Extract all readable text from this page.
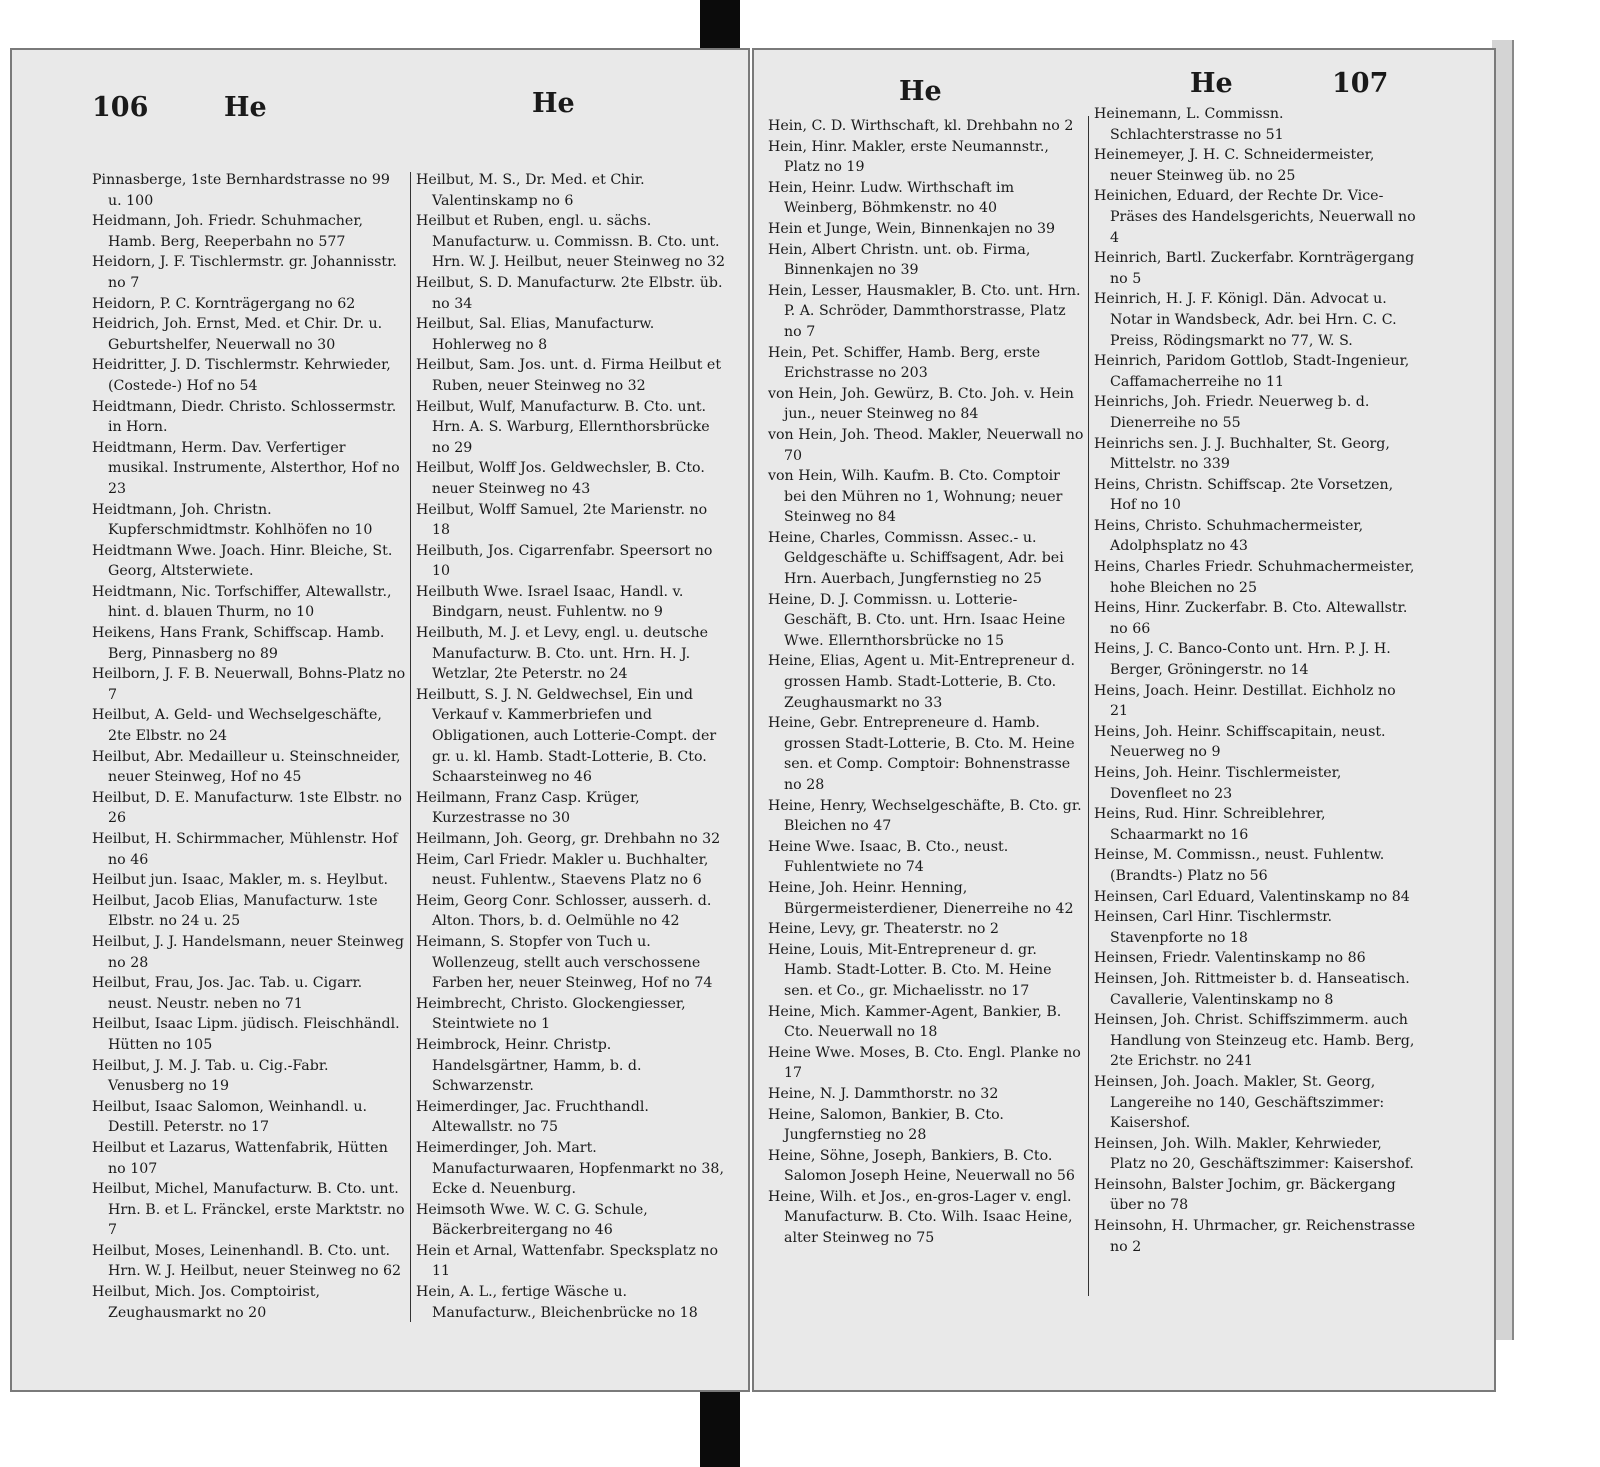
106	He	He
Pinnasberge, 1ste Bernhardstrasse no 99 u. 100
Heidmann, Joh. Friedr. Schuhmacher, Hamb. Berg, Reeperbahn no 577
Heidorn, J. F. Tischlermstr. gr. Johannisstr. no 7
Heidorn, P. C. Kornträgergang no 62
Heidrich, Joh. Ernst, Med. et Chir. Dr. u. Geburtshelfer, Neuerwall no 30
Heidritter, J. D. Tischlermstr. Kehrwieder, (Costede-) Hof no 54
Heidtmann, Diedr. Christo. Schlossermstr. in Horn.
Heidtmann, Herm. Dav. Verfertiger musikal. Instrumente, Alsterthor, Hof no 23
Heidtmann, Joh. Christn. Kupferschmidtmstr. Kohlhöfen no 10
Heidtmann Wwe. Joach. Hinr. Bleiche, St. Georg, Altsterwiete.
Heidtmann, Nic. Torfschiffer, Altewallstr., hint. d. blauen Thurm, no 10
Heikens, Hans Frank, Schiffscap. Hamb. Berg, Pinnasberg no 89
Heilborn, J. F. B. Neuerwall, Bohns-Platz no 7
Heilbut, A. Geld- und Wechselgeschäfte, 2te Elbstr. no 24
Heilbut, Abr. Medailleur u. Steinschneider, neuer Steinweg, Hof no 45
Heilbut, D. E. Manufacturw. 1ste Elbstr. no 26
Heilbut, H. Schirmmacher, Mühlenstr. Hof no 46
Heilbut jun. Isaac, Makler, m. s. Heylbut.
Heilbut, Jacob Elias, Manufacturw. 1ste Elbstr. no 24 u. 25
Heilbut, J. J. Handelsmann, neuer Steinweg no 28
Heilbut, Frau, Jos. Jac. Tab. u. Cigarr. neust. Neustr. neben no 71
Heilbut, Isaac Lipm. jüdisch. Fleischhändl. Hütten no 105
Heilbut, J. M. J. Tab. u. Cig.-Fabr. Venusberg no 19
Heilbut, Isaac Salomon, Weinhandl. u. Destill. Peterstr. no 17
Heilbut et Lazarus, Wattenfabrik, Hütten no 107
Heilbut, Michel, Manufacturw. B. Cto. unt. Hrn. B. et L. Fränckel, erste Marktstr. no 7
Heilbut, Moses, Leinenhandl. B. Cto. unt. Hrn. W. J. Heilbut, neuer Steinweg no 62
Heilbut, Mich. Jos. Comptoirist, Zeughausmarkt no 20
Heilbut, M. S., Dr. Med. et Chir. Valentinskamp no 6
Heilbut et Ruben, engl. u. sächs. Manufacturw. u. Commissn. B. Cto. unt. Hrn. W. J. Heilbut, neuer Steinweg no 32
Heilbut, S. D. Manufacturw. 2te Elbstr. üb. no 34
Heilbut, Sal. Elias, Manufacturw. Hohlerweg no 8
Heilbut, Sam. Jos. unt. d. Firma Heilbut et Ruben, neuer Steinweg no 32
Heilbut, Wulf, Manufacturw. B. Cto. unt. Hrn. A. S. Warburg, Ellernthorsbrücke no 29
Heilbut, Wolff Jos. Geldwechsler, B. Cto. neuer Steinweg no 43
Heilbut, Wolff Samuel, 2te Marienstr. no 18
Heilbuth, Jos. Cigarrenfabr. Speersort no 10
Heilbuth Wwe. Israel Isaac, Handl. v. Bindgarn, neust. Fuhlentw. no 9
Heilbuth, M. J. et Levy, engl. u. deutsche Manufacturw. B. Cto. unt. Hrn. H. J. Wetzlar, 2te Peterstr. no 24
Heilbutt, S. J. N. Geldwechsel, Ein und Verkauf v. Kammerbriefen und Obligationen, auch Lotterie-Compt. der gr. u. kl. Hamb. Stadt-Lotterie, B. Cto. Schaarsteinweg no 46
Heilmann, Franz Casp. Krüger, Kurzestrasse no 30
Heilmann, Joh. Georg, gr. Drehbahn no 32
Heim, Carl Friedr. Makler u. Buchhalter, neust. Fuhlentw., Staevens Platz no 6
Heim, Georg Conr. Schlosser, ausserh. d. Alton. Thors, b. d. Oelmühle no 42
Heimann, S. Stopfer von Tuch u. Wollenzeug, stellt auch verschossene Farben her, neuer Steinweg, Hof no 74
Heimbrecht, Christo. Glockengiesser, Steintwiete no 1
Heimbrock, Heinr. Christp. Handelsgärtner, Hamm, b. d. Schwarzenstr.
Heimerdinger, Jac. Fruchthandl. Altewallstr. no 75
Heimerdinger, Joh. Mart. Manufacturwaaren, Hopfenmarkt no 38, Ecke d. Neuenburg.
Heimsoth Wwe. W. C. G. Schule, Bäckerbreitergang no 46
Hein et Arnal, Wattenfabr. Specksplatz no 11
Hein, A. L., fertige Wäsche u. Manufacturw., Bleichenbrücke no 18
He	He	107
Hein, C. D. Wirthschaft, kl. Drehbahn no 2
Hein, Hinr. Makler, erste Neumannstr., Platz no 19
Hein, Heinr. Ludw. Wirthschaft im Weinberg, Böhmkenstr. no 40
Hein et Junge, Wein, Binnenkajen no 39
Hein, Albert Christn. unt. ob. Firma, Binnenkajen no 39
Hein, Lesser, Hausmakler, B. Cto. unt. Hrn. P. A. Schröder, Dammthorstrasse, Platz no 7
Hein, Pet. Schiffer, Hamb. Berg, erste Erichstrasse no 203
von Hein, Joh. Gewürz, B. Cto. Joh. v. Hein jun., neuer Steinweg no 84
von Hein, Joh. Theod. Makler, Neuerwall no 70
von Hein, Wilh. Kaufm. B. Cto. Comptoir bei den Mühren no 1, Wohnung; neuer Steinweg no 84
Heine, Charles, Commissn. Assec.- u. Geldgeschäfte u. Schiffsagent, Adr. bei Hrn. Auerbach, Jungfernstieg no 25
Heine, D. J. Commissn. u. Lotterie-Geschäft, B. Cto. unt. Hrn. Isaac Heine Wwe. Ellernthorsbrücke no 15
Heine, Elias, Agent u. Mit-Entrepreneur d. grossen Hamb. Stadt-Lotterie, B. Cto. Zeughausmarkt no 33
Heine, Gebr. Entrepreneure d. Hamb. grossen Stadt-Lotterie, B. Cto. M. Heine sen. et Comp. Comptoir: Bohnenstrasse no 28
Heine, Henry, Wechselgeschäfte, B. Cto. gr. Bleichen no 47
Heine Wwe. Isaac, B. Cto., neust. Fuhlentwiete no 74
Heine, Joh. Heinr. Henning, Bürgermeisterdiener, Dienerreihe no 42
Heine, Levy, gr. Theaterstr. no 2
Heine, Louis, Mit-Entrepreneur d. gr. Hamb. Stadt-Lotter. B. Cto. M. Heine sen. et Co., gr. Michaelisstr. no 17
Heine, Mich. Kammer-Agent, Bankier, B. Cto. Neuerwall no 18
Heine Wwe. Moses, B. Cto. Engl. Planke no 17
Heine, N. J. Dammthorstr. no 32
Heine, Salomon, Bankier, B. Cto. Jungfernstieg no 28
Heine, Söhne, Joseph, Bankiers, B. Cto. Salomon Joseph Heine, Neuerwall no 56
Heine, Wilh. et Jos., en-gros-Lager v. engl. Manufacturw. B. Cto. Wilh. Isaac Heine, alter Steinweg no 75
Heinemann, L. Commissn. Schlachterstrasse no 51
Heinemeyer, J. H. C. Schneidermeister, neuer Steinweg üb. no 25
Heinichen, Eduard, der Rechte Dr. Vice-Präses des Handelsgerichts, Neuerwall no 4
Heinrich, Bartl. Zuckerfabr. Kornträgergang no 5
Heinrich, H. J. F. Königl. Dän. Advocat u. Notar in Wandsbeck, Adr. bei Hrn. C. C. Preiss, Rödingsmarkt no 77, W. S.
Heinrich, Paridom Gottlob, Stadt-Ingenieur, Caffamacherreihe no 11
Heinrichs, Joh. Friedr. Neuerweg b. d. Dienerreihe no 55
Heinrichs sen. J. J. Buchhalter, St. Georg, Mittelstr. no 339
Heins, Christn. Schiffscap. 2te Vorsetzen, Hof no 10
Heins, Christo. Schuhmachermeister, Adolphsplatz no 43
Heins, Charles Friedr. Schuhmachermeister, hohe Bleichen no 25
Heins, Hinr. Zuckerfabr. B. Cto. Altewallstr. no 66
Heins, J. C. Banco-Conto unt. Hrn. P. J. H. Berger, Gröningerstr. no 14
Heins, Joach. Heinr. Destillat. Eichholz no 21
Heins, Joh. Heinr. Schiffscapitain, neust. Neuerweg no 9
Heins, Joh. Heinr. Tischlermeister, Dovenfleet no 23
Heins, Rud. Hinr. Schreiblehrer, Schaarmarkt no 16
Heinse, M. Commissn., neust. Fuhlentw. (Brandts-) Platz no 56
Heinsen, Carl Eduard, Valentinskamp no 84
Heinsen, Carl Hinr. Tischlermstr. Stavenpforte no 18
Heinsen, Friedr. Valentinskamp no 86
Heinsen, Joh. Rittmeister b. d. Hanseatisch. Cavallerie, Valentinskamp no 8
Heinsen, Joh. Christ. Schiffszimmerm. auch Handlung von Steinzeug etc. Hamb. Berg, 2te Erichstr. no 241
Heinsen, Joh. Joach. Makler, St. Georg, Langereihe no 140, Geschäftszimmer: Kaisershof.
Heinsen, Joh. Wilh. Makler, Kehrwieder, Platz no 20, Geschäftszimmer: Kaisershof.
Heinsohn, Balster Jochim, gr. Bäckergang über no 78
Heinsohn, H. Uhrmacher, gr. Reichenstrasse no 2
